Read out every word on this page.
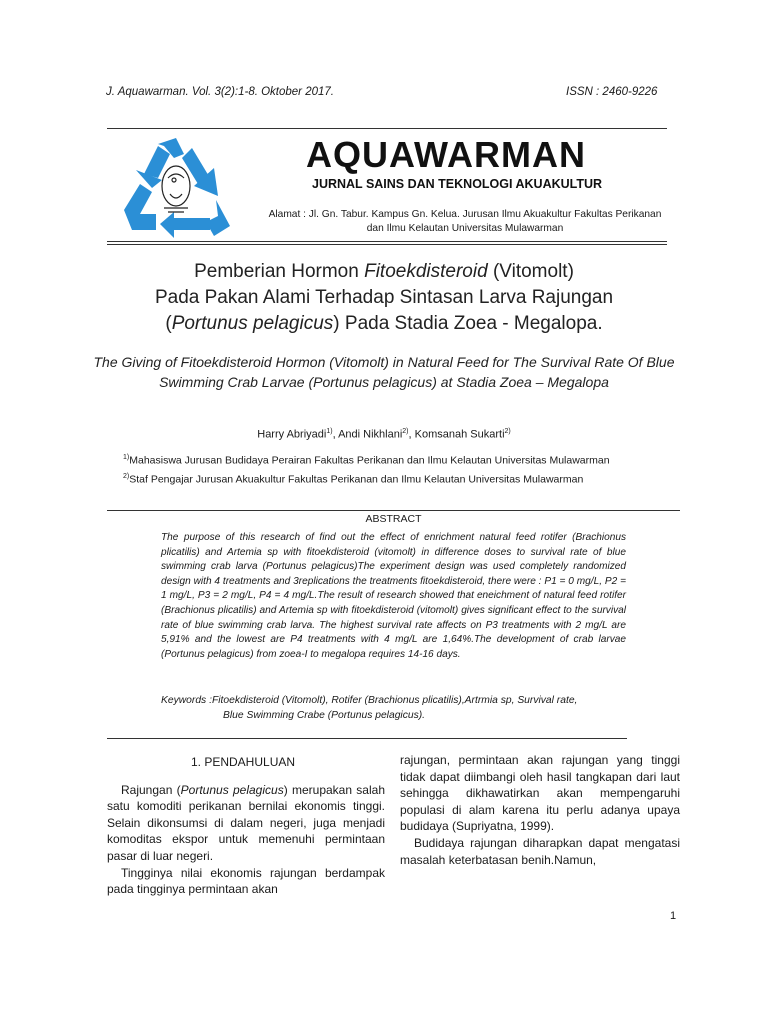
J. Aquawarman. Vol. 3(2):1-8. Oktober 2017.	ISSN : 2460-9226
AQUAWARMAN
JURNAL SAINS DAN TEKNOLOGI AKUAKULTUR
Alamat : Jl. Gn. Tabur. Kampus Gn. Kelua. Jurusan Ilmu Akuakultur Fakultas Perikanan
dan Ilmu Kelautan Universitas Mulawarman
Pemberian Hormon Fitoekdisteroid (Vitomolt)
Pada Pakan Alami Terhadap Sintasan Larva Rajungan
(Portunus pelagicus) Pada Stadia Zoea - Megalopa.
The Giving of Fitoekdisteroid Hormon (Vitomolt) in Natural Feed for The Survival Rate Of Blue Swimming Crab Larvae (Portunus pelagicus) at Stadia Zoea – Megalopa
Harry Abriyadi$^{1)}$, Andi Nikhlani$^{2)}$, Komsanah Sukarti$^{2)}$
$^{1)}$Mahasiswa Jurusan Budidaya Perairan Fakultas Perikanan dan Ilmu Kelautan Universitas Mulawarman
$^{2)}$Staf Pengajar Jurusan Akuakultur Fakultas Perikanan dan Ilmu Kelautan Universitas Mulawarman
ABSTRACT
The purpose of this research of find out the effect of enrichment natural feed rotifer (Brachionus plicatilis) and Artemia sp with fitoekdisteroid (vitomolt) in difference doses to survival rate of blue swimming crab larva (Portunus pelagicus)The experiment design was used completely randomized design with 4 treatments and 3replications the treatments fitoekdisteroid, there were : P1 = 0 mg/L, P2 = 1 mg/L, P3 = 2 mg/L, P4 = 4 mg/L.The result of research showed that eneichment of natural feed rotifer (Brachionus plicatilis) and Artemia sp with fitoekdisteroid (vitomolt) gives significant effect to the survival rate of blue swimming crab larva. The highest survival rate affects on P3 treatments with 2 mg/L are 5,91% and the lowest are P4 treatments with 4 mg/L are 1,64%.The development of crab larvae (Portunus pelagicus) from zoea-I to megalopa requires 14-16 days.
Keywords :Fitoekdisteroid (Vitomolt), Rotifer (Brachionus plicatilis),Artrmia sp, Survival rate,
Blue Swimming Crabe (Portunus pelagicus).
1. PENDAHULUAN

Rajungan (Portunus pelagicus) merupakan salah satu komoditi perikanan bernilai ekonomis tinggi. Selain dikonsumsi di dalam negeri, juga menjadi komoditas ekspor untuk memenuhi permintaan pasar di luar negeri.

Tingginya nilai ekonomis rajungan berdampak pada tingginya permintaan akan

rajungan, permintaan akan rajungan yang tinggi tidak dapat diimbangi oleh hasil tangkapan dari laut sehingga dikhawatirkan akan mempengaruhi populasi di alam karena itu perlu adanya upaya budidaya (Supriyatna, 1999).

Budidaya rajungan diharapkan dapat mengatasi masalah keterbatasan benih.Namun,

1
